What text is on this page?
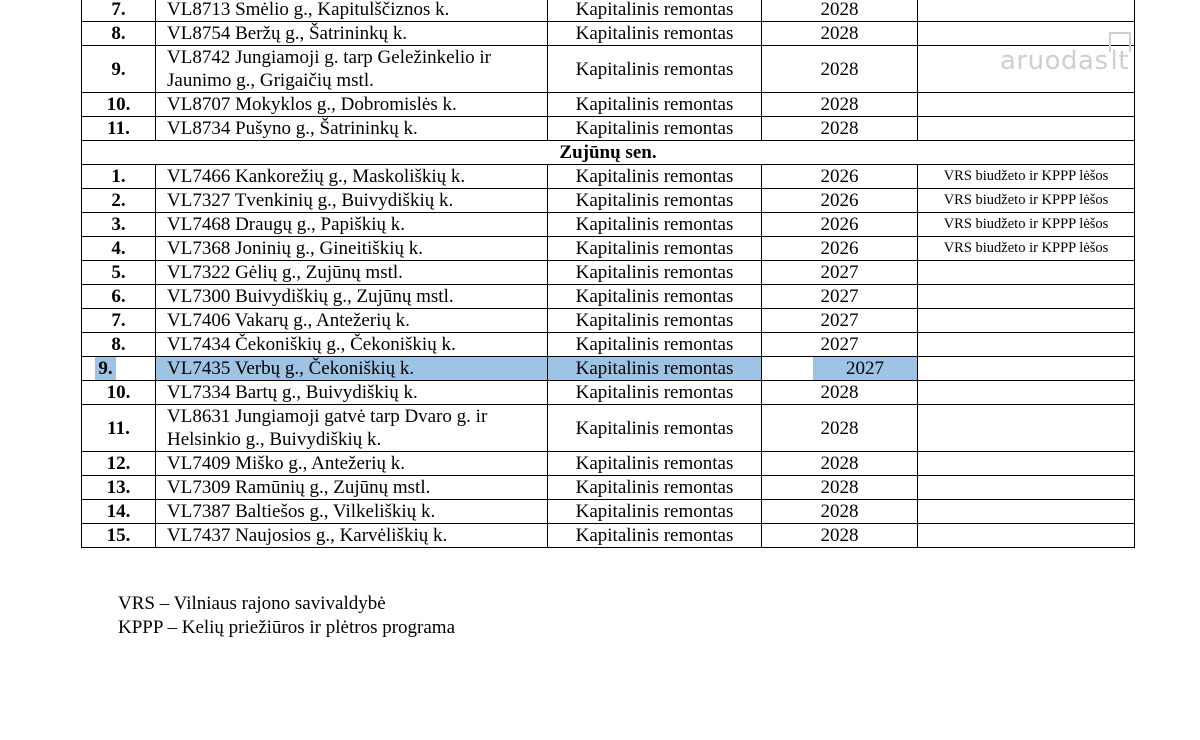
7.	VL8713 Smėlio g., Kapitulščiznos k.	Kapitalinis remontas	2028	
8.	VL8754 Beržų g., Šatrininkų k.	Kapitalinis remontas	2028	
9.	VL8742 Jungiamoji g. tarp Geležinkelio ir
Jaunimo g., Grigaičių mstl.	Kapitalinis remontas	2028	
10.	VL8707 Mokyklos g., Dobromislės k.	Kapitalinis remontas	2028	
11.	VL8734 Pušyno g., Šatrininkų k.	Kapitalinis remontas	2028	
Zujūnų sen.				
1.	VL7466 Kankorežių g., Maskoliškių k.	Kapitalinis remontas	2026	VRS biudžeto ir KPPP lėšos
2.	VL7327 Tvenkinių g., Buivydiškių k.	Kapitalinis remontas	2026	VRS biudžeto ir KPPP lėšos
3.	VL7468 Draugų g., Papiškių k.	Kapitalinis remontas	2026	VRS biudžeto ir KPPP lėšos
4.	VL7368 Joninių g., Gineitiškių k.	Kapitalinis remontas	2026	VRS biudžeto ir KPPP lėšos
5.	VL7322 Gėlių g., Zujūnų mstl.	Kapitalinis remontas	2027	
6.	VL7300 Buivydiškių g., Zujūnų mstl.	Kapitalinis remontas	2027	
7.	VL7406 Vakarų g., Antežerių k.	Kapitalinis remontas	2027	
8.	VL7434 Čekoniškių g., Čekoniškių k.	Kapitalinis remontas	2027	
9.	VL7435 Verbų g., Čekoniškių k.	Kapitalinis remontas	2027	
10.	VL7334 Bartų g., Buivydiškių k.	Kapitalinis remontas	2028	
11.	VL8631 Jungiamoji gatvė tarp Dvaro g. ir
Helsinkio g., Buivydiškių k.	Kapitalinis remontas	2028	
12.	VL7409 Miško g., Antežerių k.	Kapitalinis remontas	2028	
13.	VL7309 Ramūnių g., Zujūnų mstl.	Kapitalinis remontas	2028	
14.	VL7387 Baltiešos g., Vilkeliškių k.	Kapitalinis remontas	2028	
15.	VL7437 Naujosios g., Karvėliškių k.	Kapitalinis remontas	2028	
VRS – Vilniaus rajono savivaldybė
KPPP – Kelių priežiūros ir plėtros programa
aruodas
lt
